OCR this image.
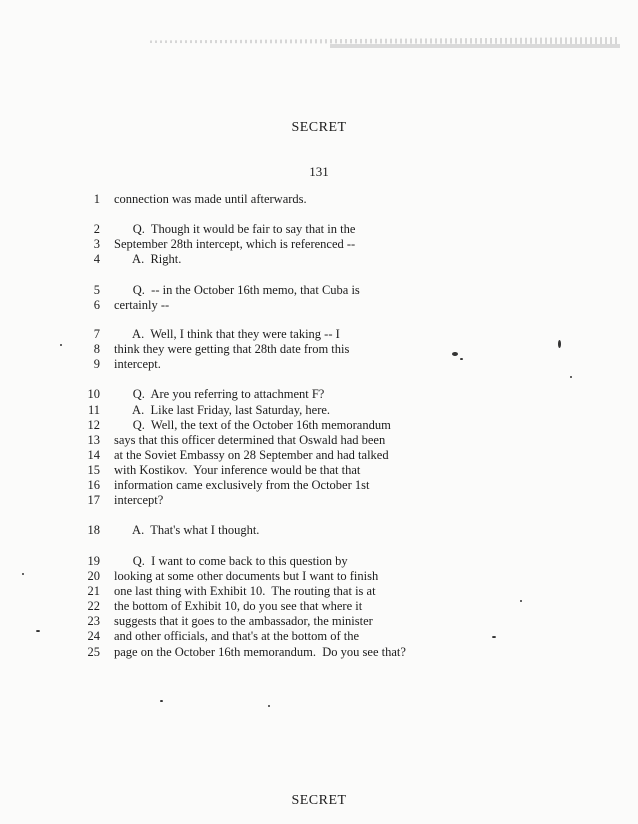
SECRET
131
1 connection was made until afterwards.
2      Q.  Though it would be fair to say that in the
3 September 28th intercept, which is referenced --
4      A.  Right.
5      Q.  -- in the October 16th memo, that Cuba is
6 certainly --
7      A.  Well, I think that they were taking -- I
8 think they were getting that 28th date from this
9 intercept.
10      Q.  Are you referring to attachment F?
11      A.  Like last Friday, last Saturday, here.
12      Q.  Well, the text of the October 16th memorandum
13 says that this officer determined that Oswald had been
14 at the Soviet Embassy on 28 September and had talked
15 with Kostikov.  Your inference would be that that
16 information came exclusively from the October 1st
17 intercept?
18      A.  That's what I thought.
19      Q.  I want to come back to this question by
20 looking at some other documents but I want to finish
21 one last thing with Exhibit 10.  The routing that is at
22 the bottom of Exhibit 10, do you see that where it
23 suggests that it goes to the ambassador, the minister
24 and other officials, and that's at the bottom of the
25 page on the October 16th memorandum.  Do you see that?
SECRET
